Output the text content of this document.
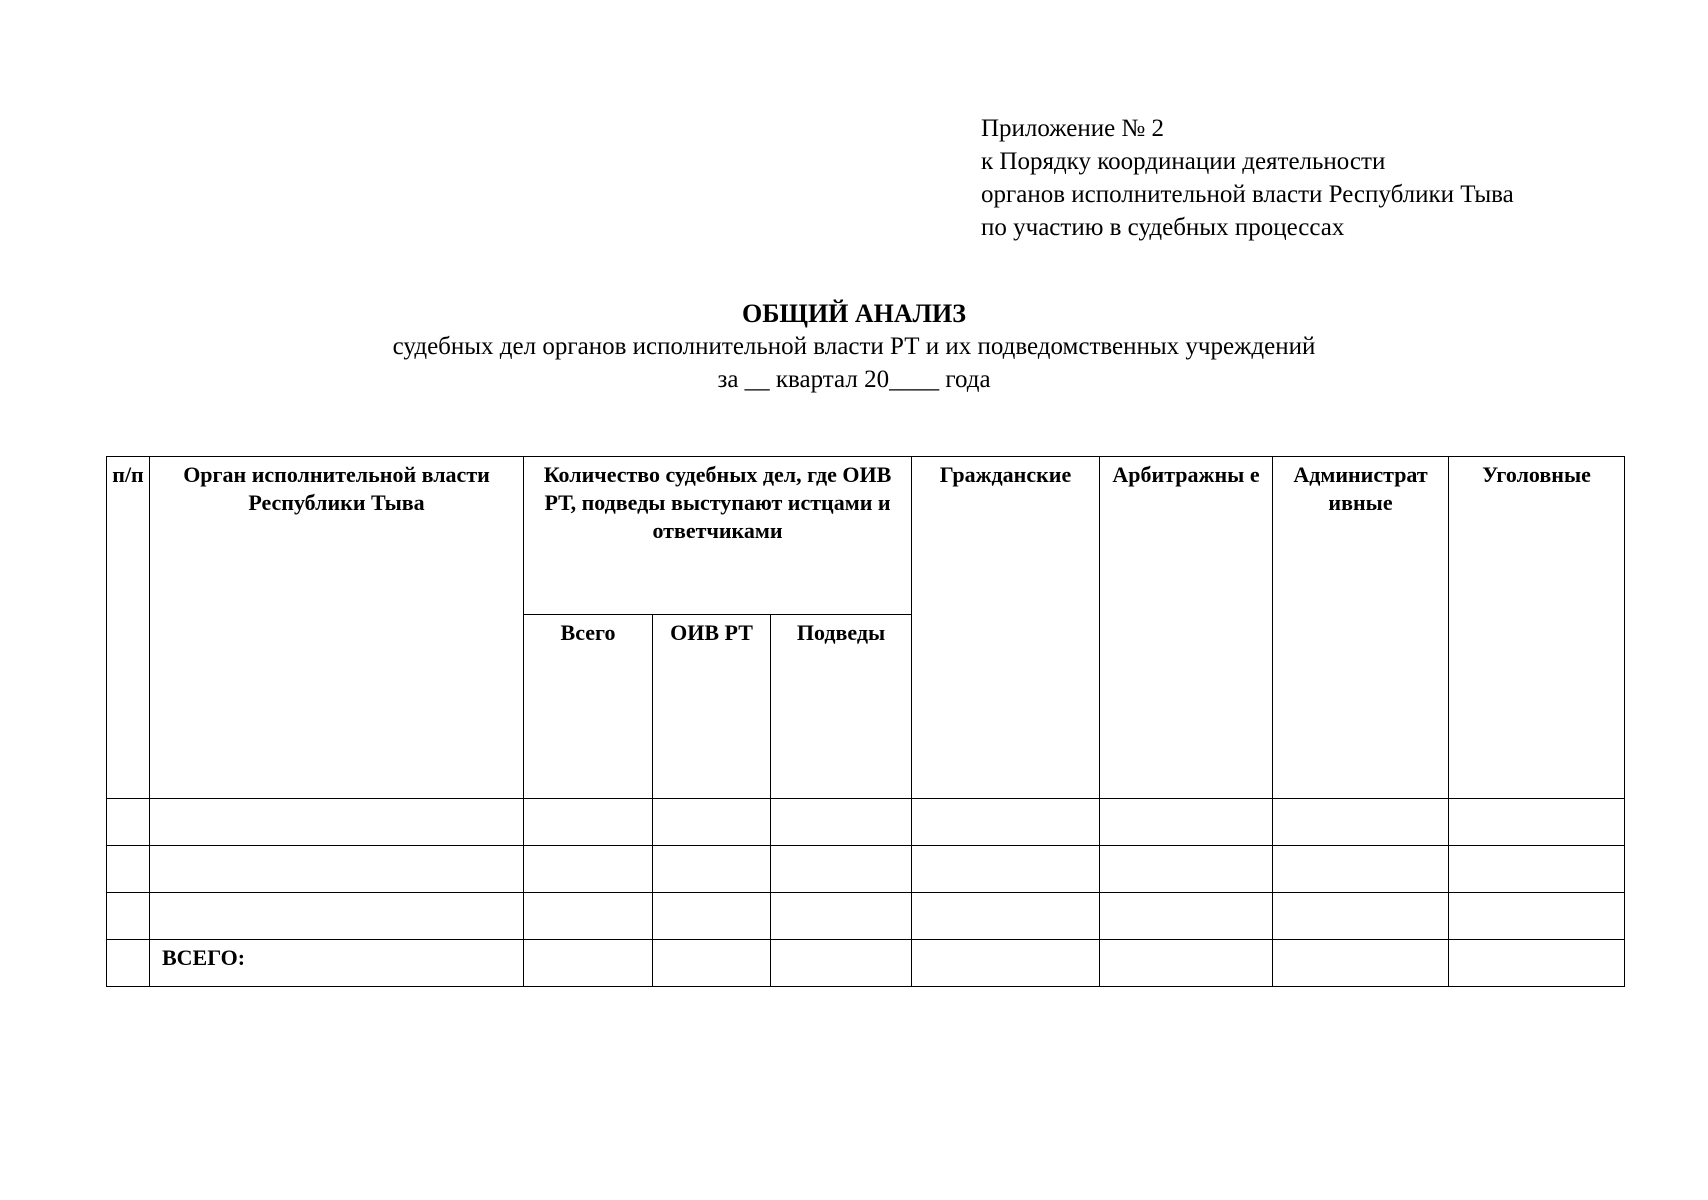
Приложение № 2
к Порядку координации деятельности
органов исполнительной власти Республики Тыва
по участию в судебных процессах
ОБЩИЙ АНАЛИЗ
судебных дел органов исполнительной власти РТ и их подведомственных учреждений
за __ квартал 20____ года
п/п	Орган исполнительной власти Республики Тыва	Количество судебных дел, где ОИВ РТ, подведы выступают истцами и ответчиками			Гражданские	Арбитражны е	Администрат ивные	Уголовные
		Всего	ОИВ РТ	Подведы				

	ВСЕГО:							
